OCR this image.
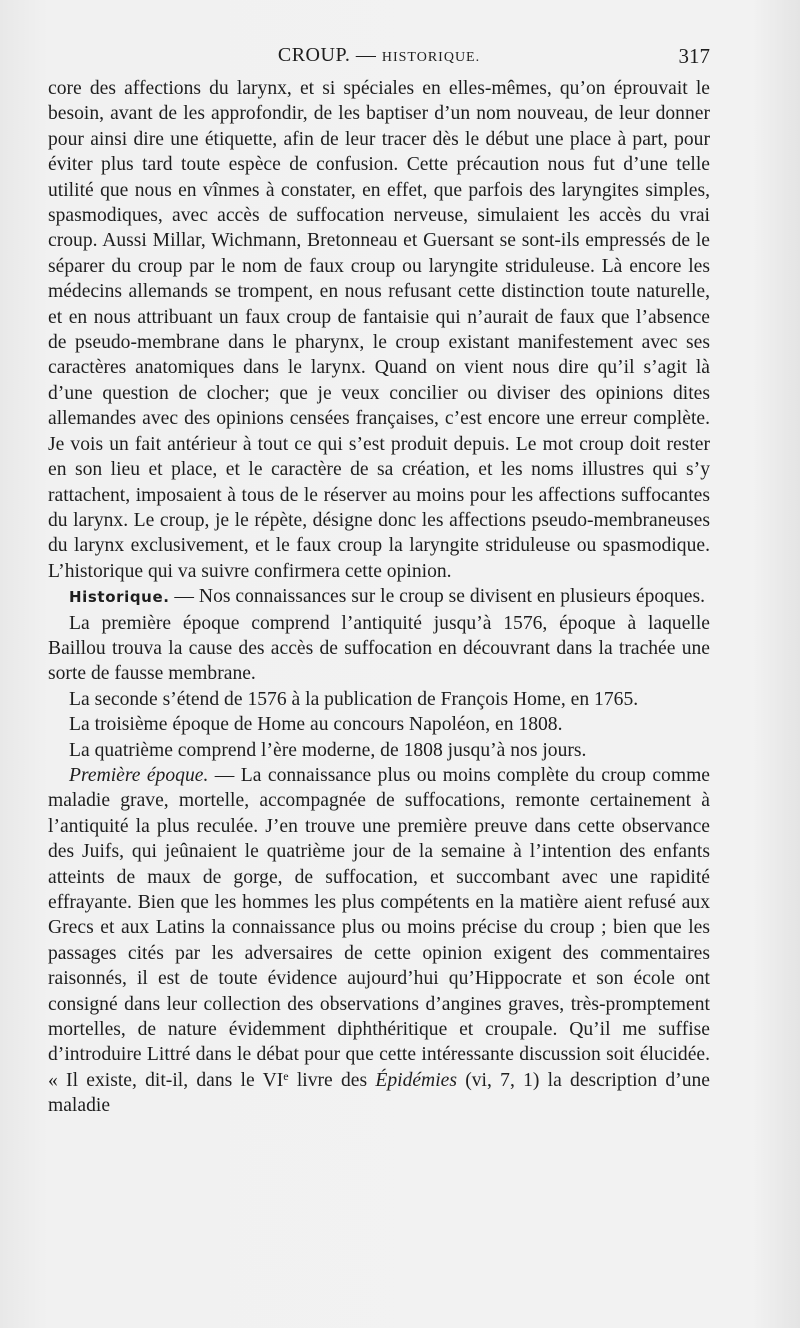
CROUP. — HISTORIQUE.	317

core des affections du larynx, et si spéciales en elles-mêmes, qu’on éprouvait le besoin, avant de les approfondir, de les baptiser d’un nom nouveau, de leur donner pour ainsi dire une étiquette, afin de leur tracer dès le début une place à part, pour éviter plus tard toute espèce de confusion. Cette précaution nous fut d’une telle utilité que nous en vînmes à constater, en effet, que parfois des laryngites simples, spasmodiques, avec accès de suffocation nerveuse, simulaient les accès du vrai croup. Aussi Millar, Wichmann, Bretonneau et Guersant se sont-ils empressés de le séparer du croup par le nom de faux croup ou laryngite striduleuse. Là encore les médecins allemands se trompent, en nous refusant cette distinction toute naturelle, et en nous attribuant un faux croup de fantaisie qui n’aurait de faux que l’absence de pseudo-membrane dans le pharynx, le croup existant manifestement avec ses caractères anatomiques dans le larynx. Quand on vient nous dire qu’il s’agit là d’une question de clocher; que je veux concilier ou diviser des opinions dites allemandes avec des opinions censées françaises, c’est encore une erreur complète. Je vois un fait antérieur à tout ce qui s’est produit depuis. Le mot croup doit rester en son lieu et place, et le caractère de sa création, et les noms illustres qui s’y rattachent, imposaient à tous de le réserver au moins pour les affections suffocantes du larynx. Le croup, je le répète, désigne donc les affections pseudo-membraneuses du larynx exclusivement, et le faux croup la laryngite striduleuse ou spasmodique. L’historique qui va suivre confirmera cette opinion.

Historique. — Nos connaissances sur le croup se divisent en plusieurs époques.

La première époque comprend l’antiquité jusqu’à 1576, époque à laquelle Baillou trouva la cause des accès de suffocation en découvrant dans la trachée une sorte de fausse membrane.

La seconde s’étend de 1576 à la publication de François Home, en 1765.

La troisième époque de Home au concours Napoléon, en 1808.

La quatrième comprend l’ère moderne, de 1808 jusqu’à nos jours.

Première époque. — La connaissance plus ou moins complète du croup comme maladie grave, mortelle, accompagnée de suffocations, remonte certainement à l’antiquité la plus reculée. J’en trouve une première preuve dans cette observance des Juifs, qui jeûnaient le quatrième jour de la semaine à l’intention des enfants atteints de maux de gorge, de suffocation, et succombant avec une rapidité effrayante. Bien que les hommes les plus compétents en la matière aient refusé aux Grecs et aux Latins la connaissance plus ou moins précise du croup ; bien que les passages cités par les adversaires de cette opinion exigent des commentaires raisonnés, il est de toute évidence aujourd’hui qu’Hippocrate et son école ont consigné dans leur collection des observations d’angines graves, très-promptement mortelles, de nature évidemment diphthéritique et croupale. Qu’il me suffise d’introduire Littré dans le débat pour que cette intéressante discussion soit élucidée. « Il existe, dit-il, dans le VIe livre des Épidémies (vi, 7, 1) la description d’une maladie
